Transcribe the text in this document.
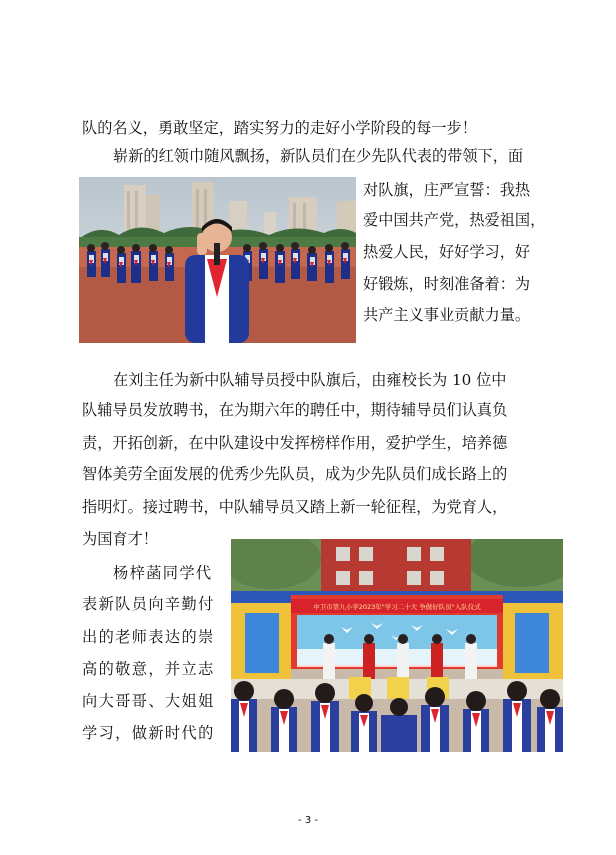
队的名义，勇敢坚定，踏实努力的走好小学阶段的每一步！
崭新的红领巾随风飘扬，新队员们在少先队代表的带领下，面
对队旗，庄严宣誓：我热
爱中国共产党，热爱祖国，
热爱人民，好好学习，好
好锻炼，时刻准备着：为
共产主义事业贡献力量。
在刘主任为新中队辅导员授中队旗后，由雍校长为 10 位中
队辅导员发放聘书，在为期六年的聘任中，期待辅导员们认真负
责，开拓创新，在中队建设中发挥榜样作用，爱护学生，培养德
智体美劳全面发展的优秀少先队员，成为少先队员们成长路上的
指明灯。接过聘书，中队辅导员又踏上新一轮征程，为党育人，
为国育才！
杨梓菡同学代
表新队员向辛勤付
出的老师表达的崇
高的敬意，并立志
向大哥哥、大姐姐
学习，做新时代的
中卫市第九小学2023年"学习二十大 争做好队员"入队仪式
- 3 -
